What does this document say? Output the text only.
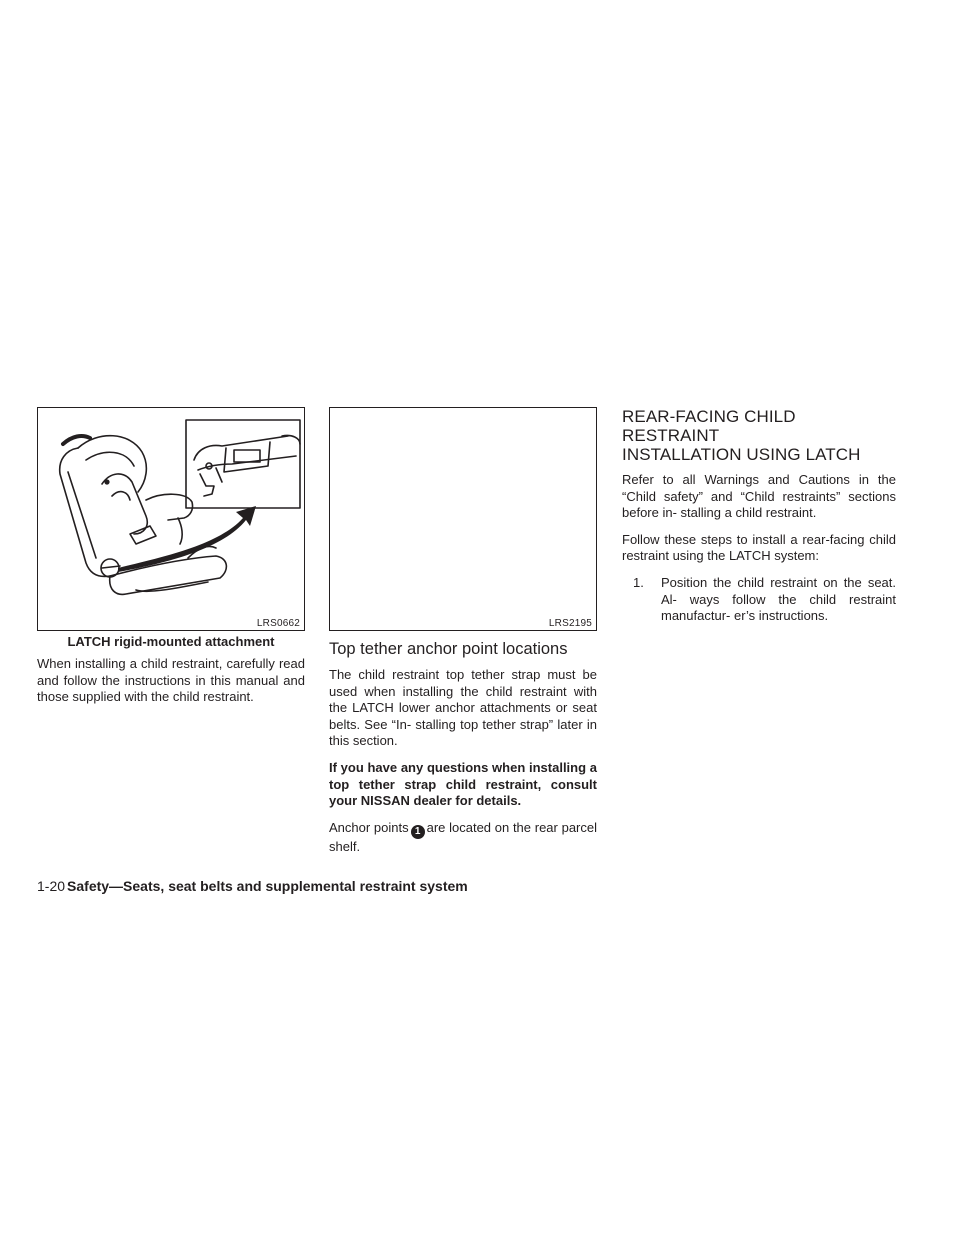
LRS0662
LATCH rigid-mounted attachment

When installing a child restraint, carefully read and follow the instructions in this manual and those supplied with the child restraint.

LRS2195
Top tether anchor point locations

The child restraint top tether strap must be used when installing the child restraint with the LATCH lower anchor attachments or seat belts. See “In- stalling top tether strap” later in this section.

If you have any questions when installing a top tether strap child restraint, consult your NISSAN dealer for details.

Anchor points 1 are located on the rear parcel shelf.

REAR-FACING CHILD RESTRAINT
INSTALLATION USING LATCH

Refer to all Warnings and Cautions in the “Child safety” and “Child restraints” sections before in- stalling a child restraint.

Follow these steps to install a rear-facing child restraint using the LATCH system:

1. Position the child restraint on the seat. Al- ways follow the child restraint manufactur- er’s instructions.
1-20 Safety—Seats, seat belts and supplemental restraint system
